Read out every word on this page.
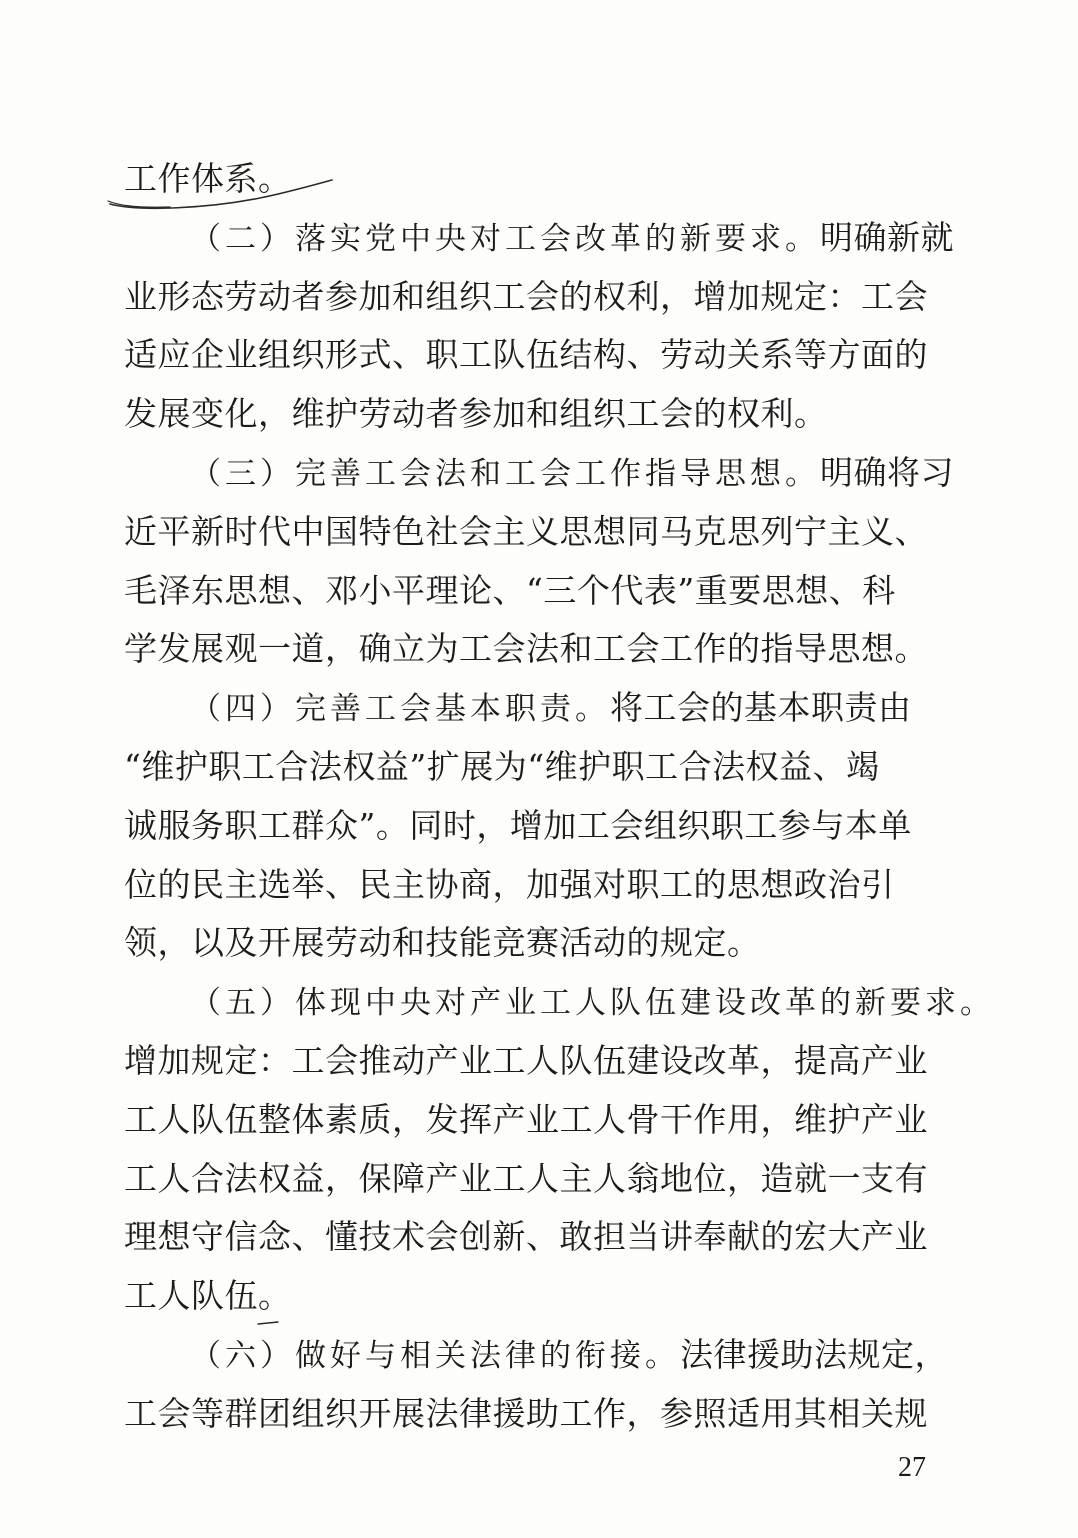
工作体系。
（二）落实党中央对工会改革的新要求。明确新就
业形态劳动者参加和组织工会的权利，增加规定：工会
适应企业组织形式、职工队伍结构、劳动关系等方面的
发展变化，维护劳动者参加和组织工会的权利。
（三）完善工会法和工会工作指导思想。明确将习
近平新时代中国特色社会主义思想同马克思列宁主义、
毛泽东思想、邓小平理论、“三个代表”重要思想、科
学发展观一道，确立为工会法和工会工作的指导思想。
（四）完善工会基本职责。将工会的基本职责由
“维护职工合法权益”扩展为“维护职工合法权益、竭
诚服务职工群众”。同时，增加工会组织职工参与本单
位的民主选举、民主协商，加强对职工的思想政治引
领，以及开展劳动和技能竞赛活动的规定。
（五）体现中央对产业工人队伍建设改革的新要求。
增加规定：工会推动产业工人队伍建设改革，提高产业
工人队伍整体素质，发挥产业工人骨干作用，维护产业
工人合法权益，保障产业工人主人翁地位，造就一支有
理想守信念、懂技术会创新、敢担当讲奉献的宏大产业
工人队伍。
（六）做好与相关法律的衔接。法律援助法规定，
工会等群团组织开展法律援助工作，参照适用其相关规
27
